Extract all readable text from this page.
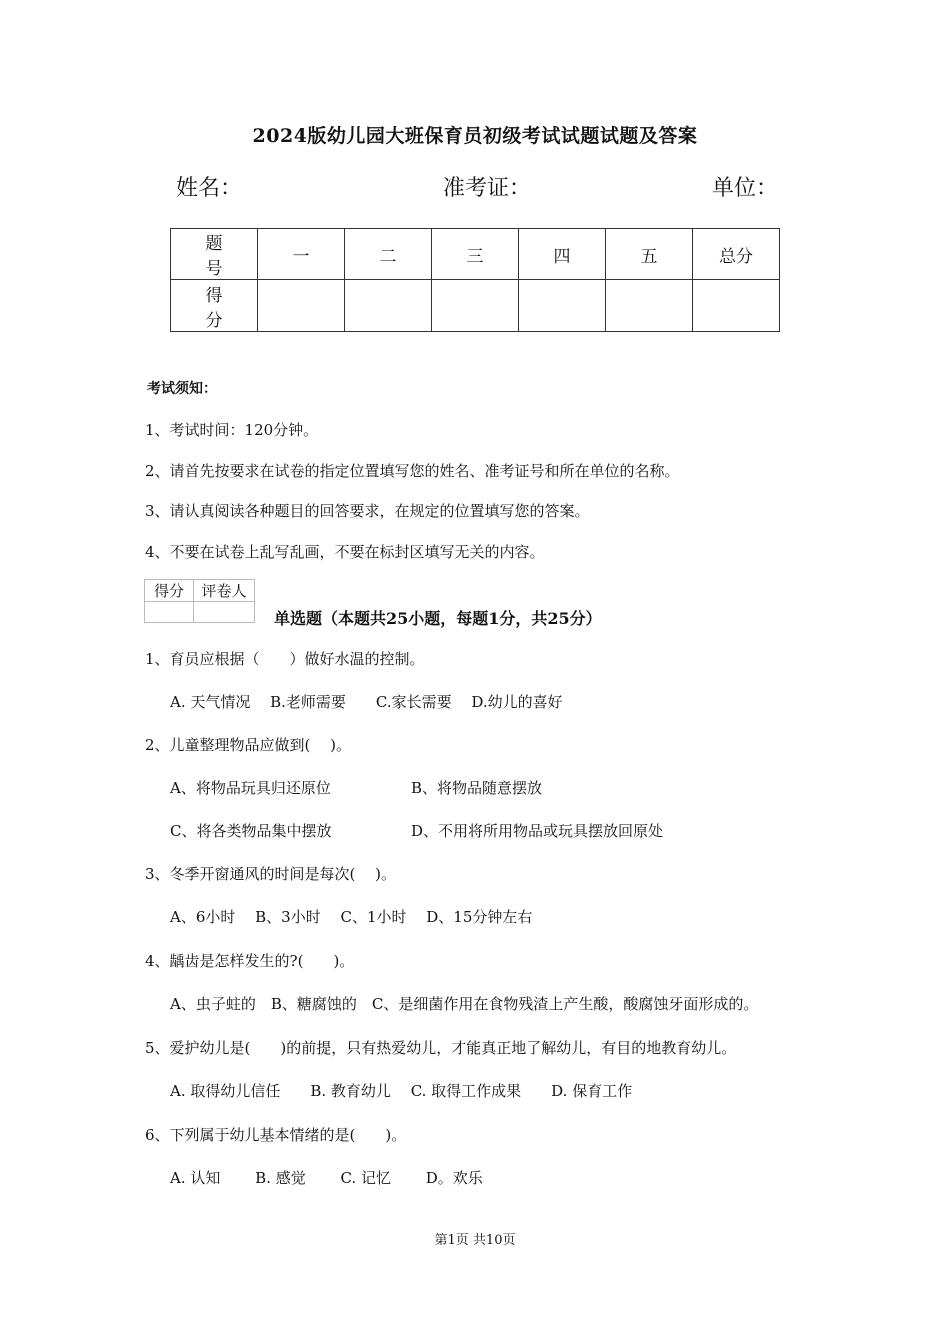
2024版幼儿园大班保育员初级考试试题试题及答案
姓名：	准考证：	单位：
题号	一	二	三	四	五	总分
得分						
考试须知：
1、考试时间：120分钟。
2、请首先按要求在试卷的指定位置填写您的姓名、准考证号和所在单位的名称。
3、请认真阅读各种题目的回答要求，在规定的位置填写您的答案。
4、不要在试卷上乱写乱画，不要在标封区填写无关的内容。
得分	评卷人

单选题（本题共25小题，每题1分，共25分）
1、育员应根据（　　）做好水温的控制。
A. 天气情况　 B.老师需要　　C.家长需要　 D.幼儿的喜好
2、儿童整理物品应做到(　 )。
A、将物品玩具归还原位	B、将物品随意摆放
C、将各类物品集中摆放	D、不用将所用物品或玩具摆放回原处
3、冬季开窗通风的时间是每次(　 )。
A、6小时　 B、3小时　 C、1小时　 D、15分钟左右
4、龋齿是怎样发生的?(　　)。
A、虫子蛀的　B、糖腐蚀的　C、是细菌作用在食物残渣上产生酸，酸腐蚀牙面形成的。
5、爱护幼儿是(　　)的前提，只有热爱幼儿，才能真正地了解幼儿，有目的地教育幼儿。
A. 取得幼儿信任　　B. 教育幼儿　 C. 取得工作成果　　D. 保育工作
6、下列属于幼儿基本情绪的是(　　)。
A. 认知　　 B. 感觉　　 C. 记忆　　 D。欢乐
第1页 共10页
